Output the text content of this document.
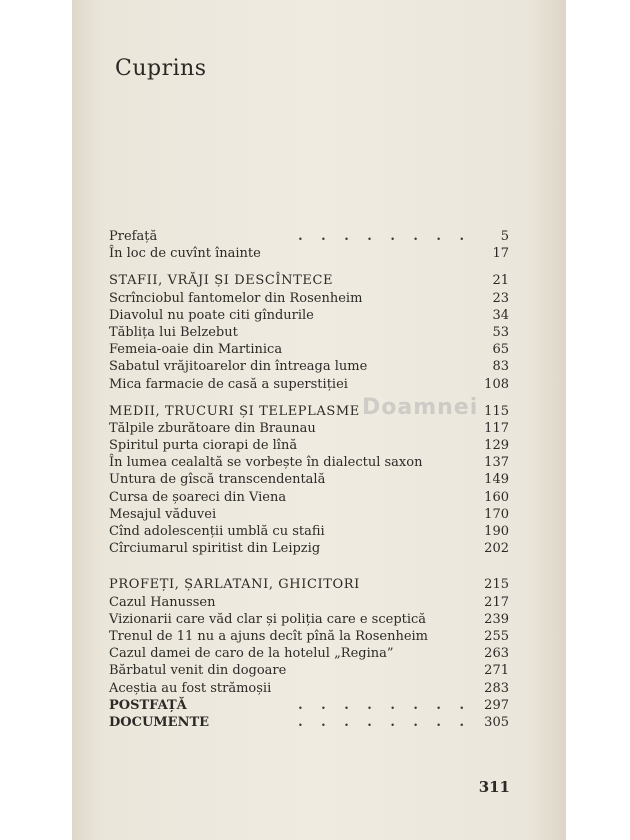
Cuprins
Doamnei
Prefață	. . . . . . . .	5
În loc de cuvînt înainte	17
STAFII, VRĂJI ȘI DESCÎNTECE	21
Scrînciobul fantomelor din Rosenheim	23
Diavolul nu poate citi gîndurile	34
Tăblița lui Belzebut	53
Femeia-oaie din Martinica	65
Sabatul vrăjitoarelor din întreaga lume	83
Mica farmacie de casă a superstiției	108
MEDII, TRUCURI ȘI TELEPLASME	115
Tălpile zburătoare din Braunau	117
Spiritul purta ciorapi de lînă	129
În lumea cealaltă se vorbește în dialectul saxon	137
Untura de gîscă transcendentală	149
Cursa de șoareci din Viena	160
Mesajul văduvei	170
Cînd adolescenții umblă cu stafii	190
Cîrciumarul spiritist din Leipzig	202
PROFEȚI, ȘARLATANI, GHICITORI	215
Cazul Hanussen	217
Vizionarii care văd clar și poliția care e sceptică	239
Trenul de 11 nu a ajuns decît pînă la Rosenheim	255
Cazul damei de caro de la hotelul „Regina”	263
Bărbatul venit din dogoare	271
Aceștia au fost strămoșii	283
POSTFAȚĂ	. . . . . . . .	297
DOCUMENTE	. . . . . . . .	305
311
